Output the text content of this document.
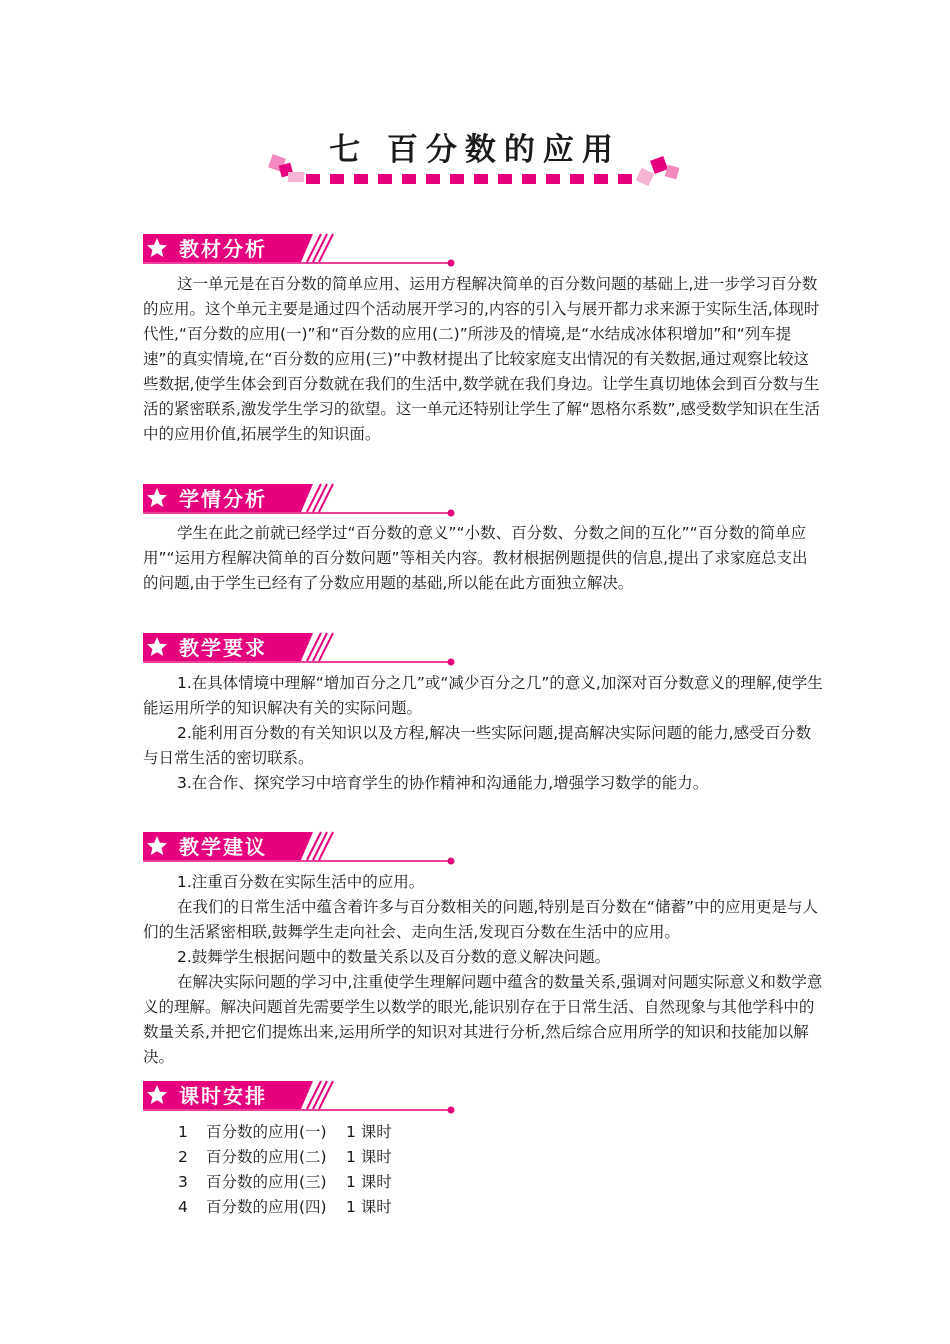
七 百分数的应用
教材分析

这一单元是在百分数的简单应用、运用方程解决简单的百分数问题的基础上,进一步学习百分数的应用。这个单元主要是通过四个活动展开学习的,内容的引入与展开都力求来源于实际生活,体现时代性,“百分数的应用(一)”和“百分数的应用(二)”所涉及的情境,是“水结成冰体积增加”和“列车提速”的真实情境,在“百分数的应用(三)”中教材提出了比较家庭支出情况的有关数据,通过观察比较这些数据,使学生体会到百分数就在我们的生活中,数学就在我们身边。让学生真切地体会到百分数与生活的紧密联系,激发学生学习的欲望。这一单元还特别让学生了解“恩格尔系数”,感受数学知识在生活中的应用价值,拓展学生的知识面。

学情分析

学生在此之前就已经学过“百分数的意义”“小数、百分数、分数之间的互化”“百分数的简单应用”“运用方程解决简单的百分数问题”等相关内容。教材根据例题提供的信息,提出了求家庭总支出的问题,由于学生已经有了分数应用题的基础,所以能在此方面独立解决。

教学要求

1.在具体情境中理解“增加百分之几”或“减少百分之几”的意义,加深对百分数意义的理解,使学生能运用所学的知识解决有关的实际问题。

2.能利用百分数的有关知识以及方程,解决一些实际问题,提高解决实际问题的能力,感受百分数与日常生活的密切联系。

3.在合作、探究学习中培育学生的协作精神和沟通能力,增强学习数学的能力。

教学建议

1.注重百分数在实际生活中的应用。

在我们的日常生活中蕴含着许多与百分数相关的问题,特别是百分数在“储蓄”中的应用更是与人们的生活紧密相联,鼓舞学生走向社会、走向生活,发现百分数在生活中的应用。

2.鼓舞学生根据问题中的数量关系以及百分数的意义解决问题。

在解决实际问题的学习中,注重使学生理解问题中蕴含的数量关系,强调对问题实际意义和数学意义的理解。解决问题首先需要学生以数学的眼光,能识别存在于日常生活、自然现象与其他学科中的数量关系,并把它们提炼出来,运用所学的知识对其进行分析,然后综合应用所学的知识和技能加以解决。

课时安排
1	百分数的应用(一)	1 课时
2	百分数的应用(二)	1 课时
3	百分数的应用(三)	1 课时
4	百分数的应用(四)	1 课时
